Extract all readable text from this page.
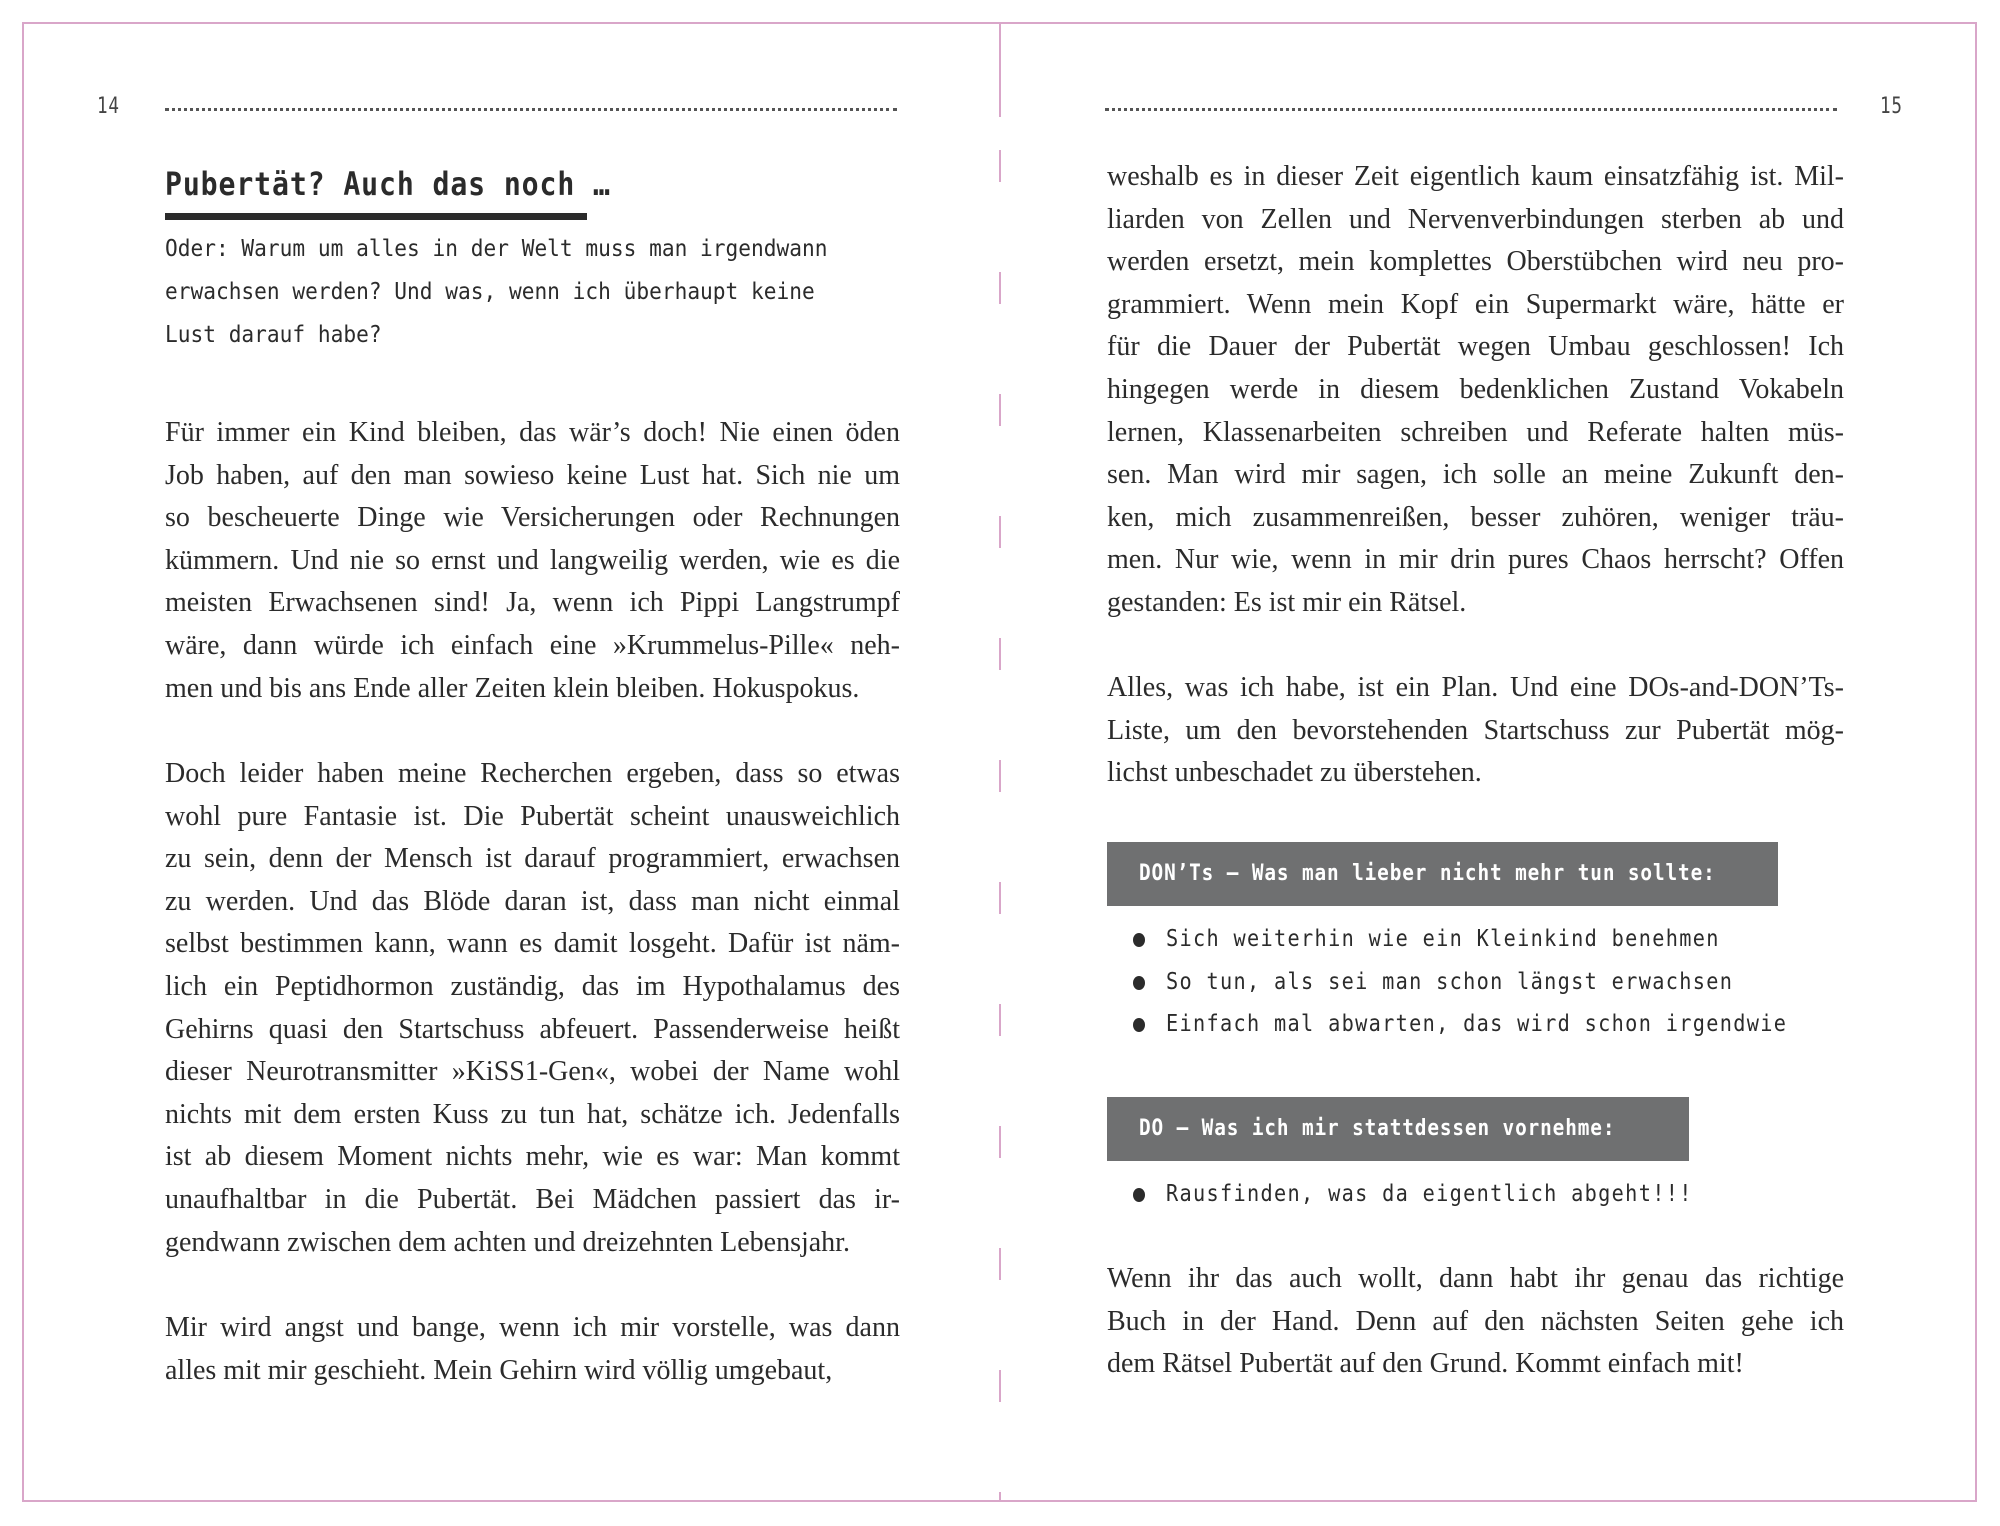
14
Pubertät? Auch das noch …
Oder: Warum um alles in der Welt muss man irgendwann
erwachsen werden? Und was, wenn ich überhaupt keine
Lust darauf habe?
Für immer ein Kind bleiben, das wär’s doch! Nie einen öden
Job haben, auf den man sowieso keine Lust hat. Sich nie um
so bescheuerte Dinge wie Versicherungen oder Rechnungen
kümmern. Und nie so ernst und langweilig werden, wie es die
meisten Erwachsenen sind! Ja, wenn ich Pippi Langstrumpf
wäre, dann würde ich einfach eine »Krummelus-Pille« neh-
men und bis ans Ende aller Zeiten klein bleiben. Hokuspokus.
Doch leider haben meine Recherchen ergeben, dass so etwas
wohl pure Fantasie ist. Die Pubertät scheint unausweichlich
zu sein, denn der Mensch ist darauf programmiert, erwachsen
zu werden. Und das Blöde daran ist, dass man nicht einmal
selbst bestimmen kann, wann es damit losgeht. Dafür ist näm-
lich ein Peptidhormon zuständig, das im Hypothalamus des
Gehirns quasi den Startschuss abfeuert. Passenderweise heißt
dieser Neurotransmitter »KiSS1-Gen«, wobei der Name wohl
nichts mit dem ersten Kuss zu tun hat, schätze ich. Jedenfalls
ist ab diesem Moment nichts mehr, wie es war: Man kommt
unaufhaltbar in die Pubertät. Bei Mädchen passiert das ir-
gendwann zwischen dem achten und dreizehnten Lebensjahr.
Mir wird angst und bange, wenn ich mir vorstelle, was dann
alles mit mir geschieht. Mein Gehirn wird völlig umgebaut,
15
weshalb es in dieser Zeit eigentlich kaum einsatzfähig ist. Mil-
liarden von Zellen und Nervenverbindungen sterben ab und
werden ersetzt, mein komplettes Oberstübchen wird neu pro-
grammiert. Wenn mein Kopf ein Supermarkt wäre, hätte er
für die Dauer der Pubertät wegen Umbau geschlossen! Ich
hingegen werde in diesem bedenklichen Zustand Vokabeln
lernen, Klassenarbeiten schreiben und Referate halten müs-
sen. Man wird mir sagen, ich solle an meine Zukunft den-
ken, mich zusammenreißen, besser zuhören, weniger träu-
men. Nur wie, wenn in mir drin pures Chaos herrscht? Offen
gestanden: Es ist mir ein Rätsel.
Alles, was ich habe, ist ein Plan. Und eine DOs-and-DON’Ts-
Liste, um den bevorstehenden Startschuss zur Pubertät mög-
lichst unbeschadet zu überstehen.
DON’Ts – Was man lieber nicht mehr tun sollte:
Sich weiterhin wie ein Kleinkind benehmen
So tun, als sei man schon längst erwachsen
Einfach mal abwarten, das wird schon irgendwie
DO – Was ich mir stattdessen vornehme:
Rausfinden, was da eigentlich abgeht!!!
Wenn ihr das auch wollt, dann habt ihr genau das richtige
Buch in der Hand. Denn auf den nächsten Seiten gehe ich
dem Rätsel Pubertät auf den Grund. Kommt einfach mit!
